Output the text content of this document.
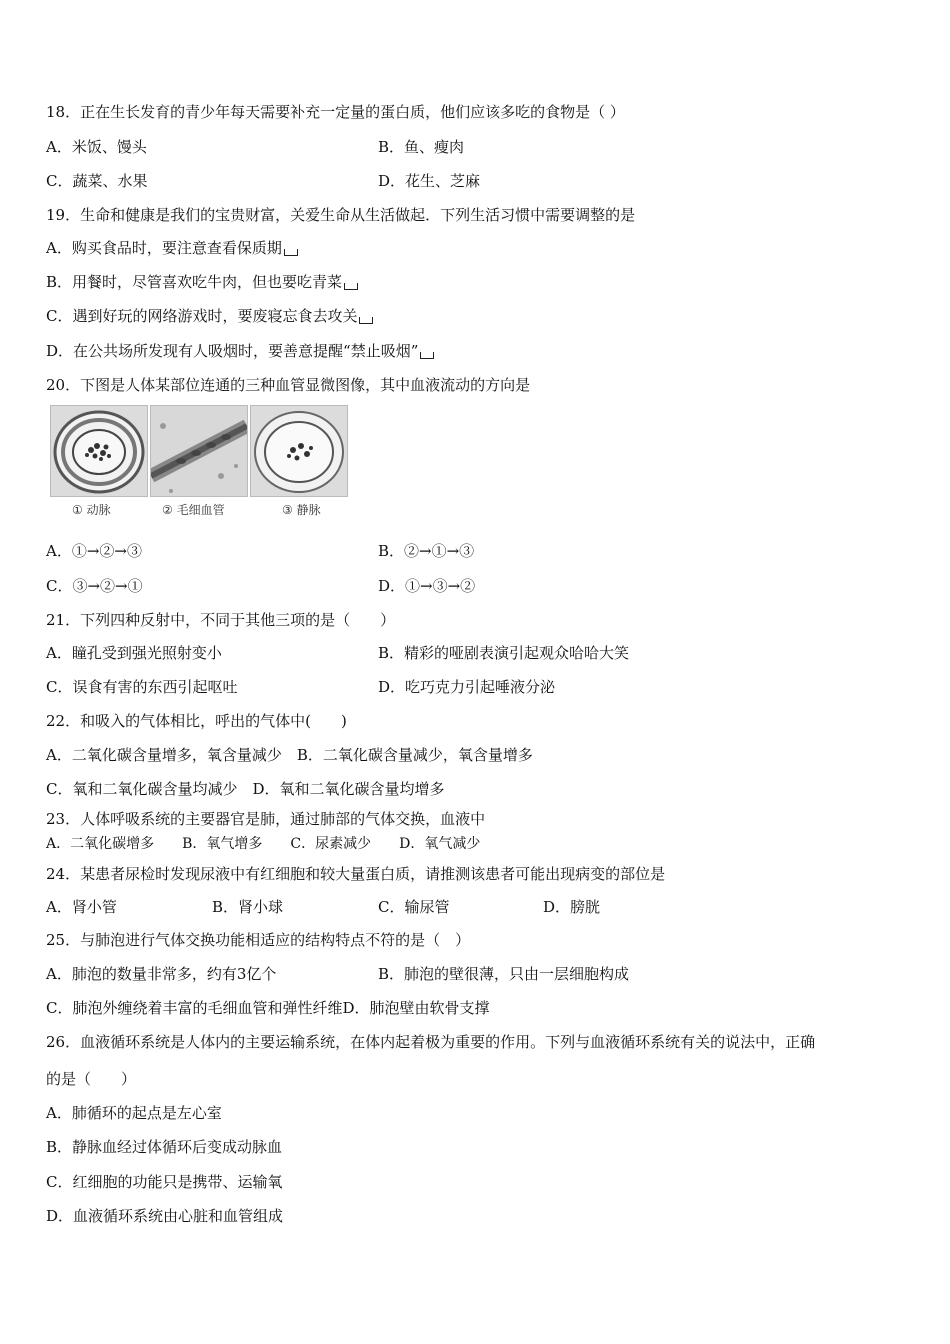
18．正在生长发育的青少年每天需要补充一定量的蛋白质，他们应该多吃的食物是（ ）
A．米饭、馒头	B．鱼、瘦肉
C．蔬菜、水果	D．花生、芝麻
19．生命和健康是我们的宝贵财富，关爱生命从生活做起．下列生活习惯中需要调整的是
A．购买食品时，要注意查看保质期
B．用餐时，尽管喜欢吃牛肉，但也要吃青菜
C．遇到好玩的网络游戏时，要废寝忘食去攻关
D．在公共场所发现有人吸烟时，要善意提醒“禁止吸烟”
20．下图是人体某部位连通的三种血管显微图像，其中血液流动的方向是
① 动脉	② 毛细血管	③ 静脉
A．①→②→③	B．②→①→③
C．③→②→①	D．①→③→②
21．下列四种反射中，不同于其他三项的是（　　）
A．瞳孔受到强光照射变小	B．精彩的哑剧表演引起观众哈哈大笑
C．误食有害的东西引起呕吐	D．吃巧克力引起唾液分泌
22．和吸入的气体相比，呼出的气体中(　　)
A．二氧化碳含量增多，氧含量减少　B．二氧化碳含量减少，氧含量增多
C．氧和二氧化碳含量均减少　D．氧和二氧化碳含量均增多
23．人体呼吸系统的主要器官是肺，通过肺部的气体交换，血液中
A．二氧化碳增多　　B．氧气增多　　C．尿素减少　　D．氧气减少
24．某患者尿检时发现尿液中有红细胞和较大量蛋白质，请推测该患者可能出现病变的部位是
A．肾小管	B．肾小球	C．输尿管	D．膀胱
25．与肺泡进行气体交换功能相适应的结构特点不符的是（　）
A．肺泡的数量非常多，约有3亿个	B．肺泡的壁很薄，只由一层细胞构成
C．肺泡外缠绕着丰富的毛细血管和弹性纤维D．肺泡壁由软骨支撑
26．血液循环系统是人体内的主要运输系统，在体内起着极为重要的作用。下列与血液循环系统有关的说法中，正确
的是（　　）
A．肺循环的起点是左心室
B．静脉血经过体循环后变成动脉血
C．红细胞的功能只是携带、运输氧
D．血液循环系统由心脏和血管组成
